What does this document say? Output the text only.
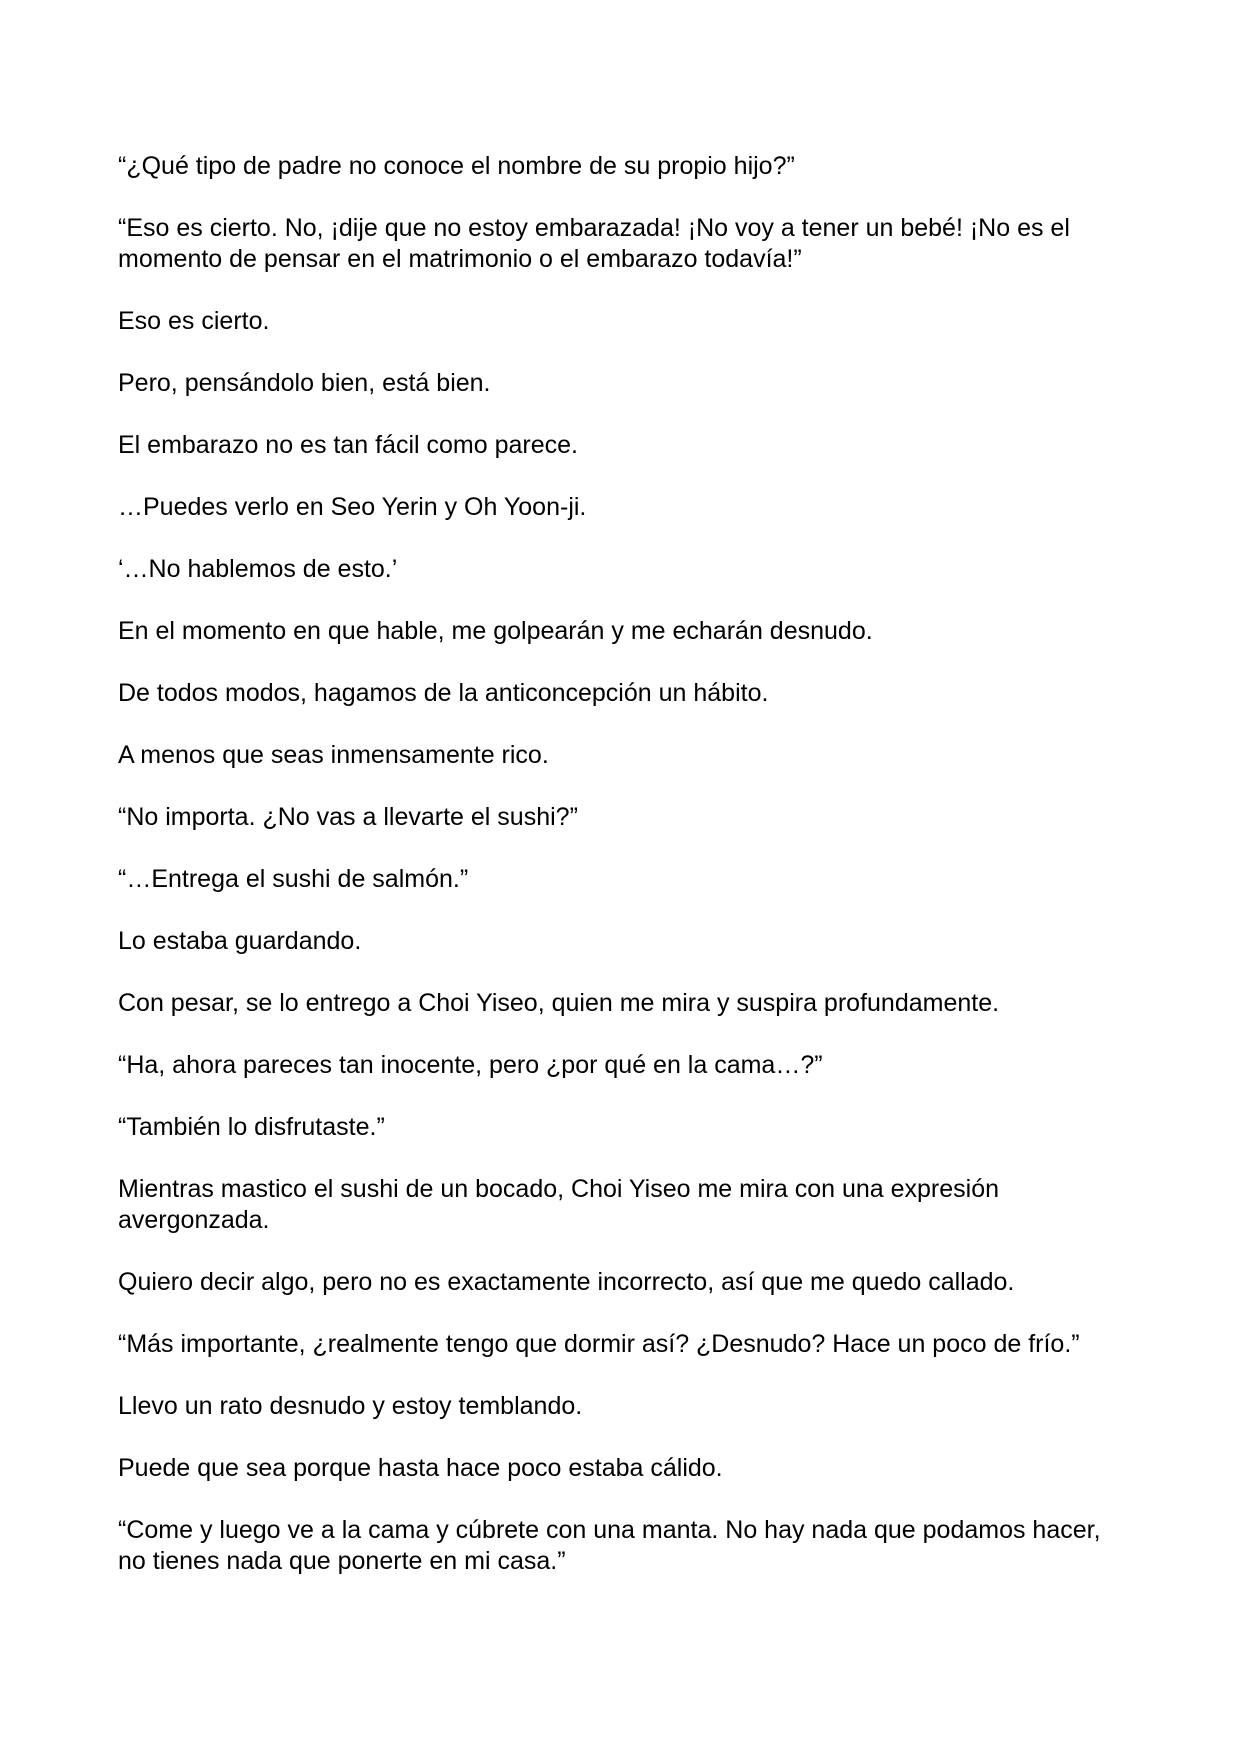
“¿Qué tipo de padre no conoce el nombre de su propio hijo?”

“Eso es cierto. No, ¡dije que no estoy embarazada! ¡No voy a tener un bebé! ¡No es el momento de pensar en el matrimonio o el embarazo todavía!”

Eso es cierto.

Pero, pensándolo bien, está bien.

El embarazo no es tan fácil como parece.

…Puedes verlo en Seo Yerin y Oh Yoon-ji.

‘…No hablemos de esto.’

En el momento en que hable, me golpearán y me echarán desnudo.

De todos modos, hagamos de la anticoncepción un hábito.

A menos que seas inmensamente rico.

“No importa. ¿No vas a llevarte el sushi?”

“…Entrega el sushi de salmón.”

Lo estaba guardando.

Con pesar, se lo entrego a Choi Yiseo, quien me mira y suspira profundamente.

“Ha, ahora pareces tan inocente, pero ¿por qué en la cama…?”

“También lo disfrutaste.”

Mientras mastico el sushi de un bocado, Choi Yiseo me mira con una expresión avergonzada.

Quiero decir algo, pero no es exactamente incorrecto, así que me quedo callado.

“Más importante, ¿realmente tengo que dormir así? ¿Desnudo? Hace un poco de frío.”

Llevo un rato desnudo y estoy temblando.

Puede que sea porque hasta hace poco estaba cálido.

“Come y luego ve a la cama y cúbrete con una manta. No hay nada que podamos hacer, no tienes nada que ponerte en mi casa.”
